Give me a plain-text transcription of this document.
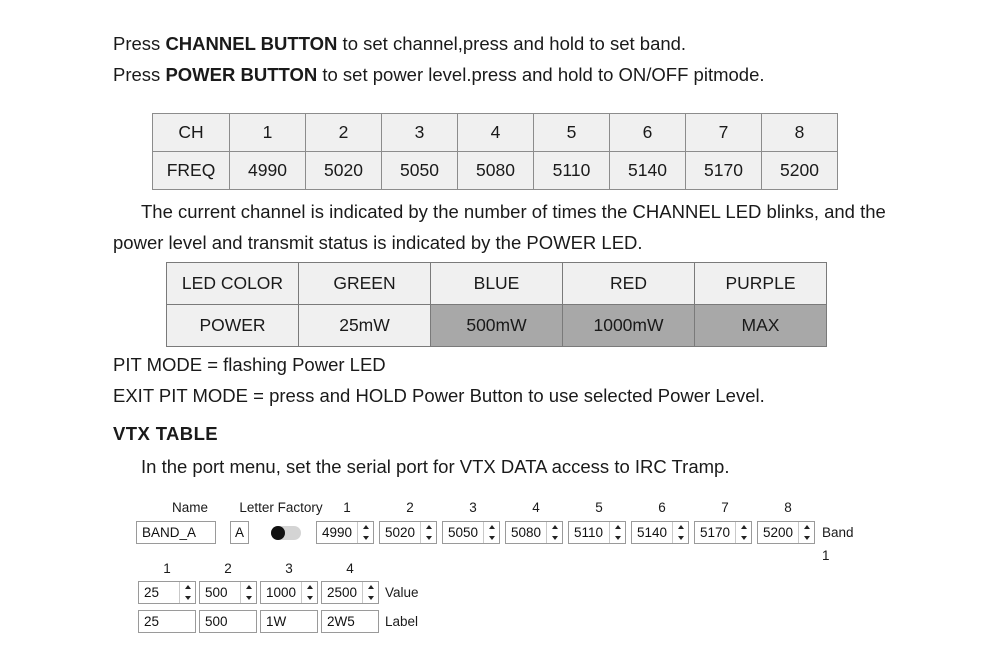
Press CHANNEL BUTTON to set channel,press and hold to set band.
Press POWER BUTTON to set power level.press and hold to ON/OFF pitmode.
CH	1	2	3	4	5	6	7	8
FREQ	4990	5020	5050	5080	5110	5140	5170	5200
The current channel is indicated by the number of times the CHANNEL LED blinks, and the power level and transmit status is indicated by the POWER LED.
LED COLOR	GREEN	BLUE	RED	PURPLE
POWER	25mW	500mW	1000mW	MAX
PIT MODE = flashing Power LED
EXIT PIT MODE = press and HOLD Power Button to use selected Power Level.
VTX TABLE
In the port menu, set the serial port for VTX DATA access to IRC Tramp.
Name	Letter Factory	1	2	3	4	5	6	7	8
BAND_A	A	4990	5020	5050	5080	5110	5140	5170	5200	Band 1
1	2	3	4
25	500	1000	2500	Value
25	500	1W	2W5	Label
